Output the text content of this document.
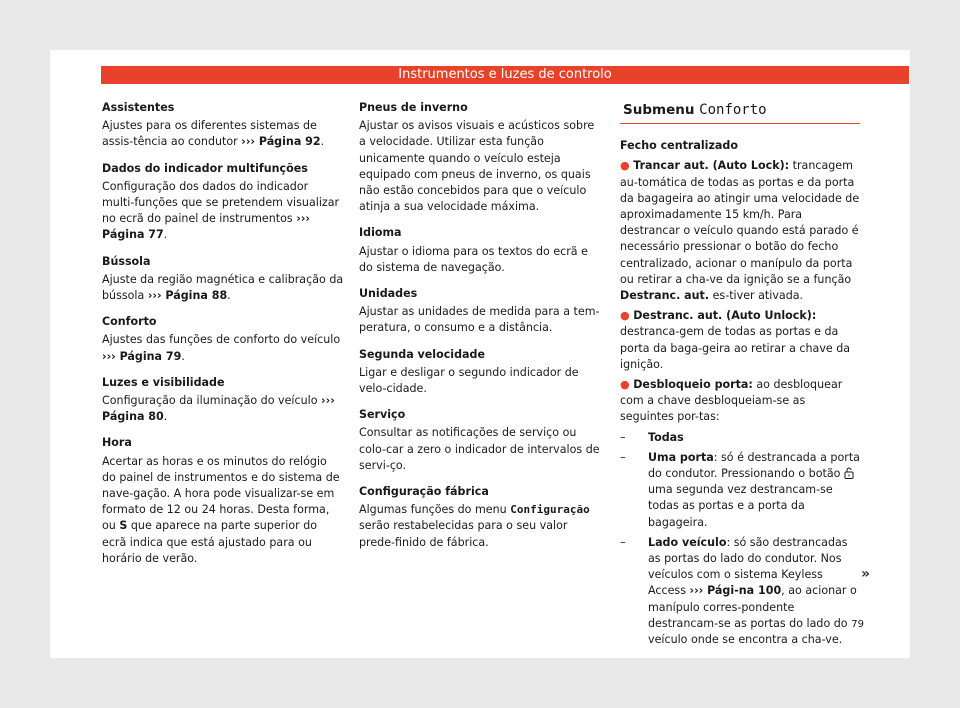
Instrumentos e luzes de controlo
Assistentes
Ajustes para os diferentes sistemas de assis-tência ao condutor ››› Página 92.
Dados do indicador multifunções
Configuração dos dados do indicador multi-funções que se pretendem visualizar no ecrã do painel de instrumentos ››› Página 77.
Bússola
Ajuste da região magnética e calibração da bússola ››› Página 88.
Conforto
Ajustes das funções de conforto do veículo ››› Página 79.
Luzes e visibilidade
Configuração da iluminação do veículo ››› Página 80.
Hora
Acertar as horas e os minutos do relógio do painel de instrumentos e do sistema de nave-gação. A hora pode visualizar-se em formato de 12 ou 24 horas. Desta forma, ou S que aparece na parte superior do ecrã indica que está ajustado para ou horário de verão.
Pneus de inverno
Ajustar os avisos visuais e acústicos sobre a velocidade. Utilizar esta função unicamente quando o veículo esteja equipado com pneus de inverno, os quais não estão concebidos para que o veículo atinja a sua velocidade máxima.
Idioma
Ajustar o idioma para os textos do ecrã e do sistema de navegação.
Unidades
Ajustar as unidades de medida para a tem-peratura, o consumo e a distância.
Segunda velocidade
Ligar e desligar o segundo indicador de velo-cidade.
Serviço
Consultar as notificações de serviço ou colo-car a zero o indicador de intervalos de servi-ço.
Configuração fábrica
Algumas funções do menu Configuração serão restabelecidas para o seu valor prede-finido de fábrica.
Submenu Conforto
Fecho centralizado
● Trancar aut. (Auto Lock): trancagem au-tomática de todas as portas e da porta da bagageira ao atingir uma velocidade de aproximadamente 15 km/h. Para destrancar o veículo quando está parado é necessário pressionar o botão do fecho centralizado, acionar o manípulo da porta ou retirar a cha-ve da ignição se a função Destranc. aut. es-tiver ativada.
● Destranc. aut. (Auto Unlock): destranca-gem de todas as portas e da porta da baga-geira ao retirar a chave da ignição.
● Desbloqueio porta: ao desbloquear com a chave desbloqueiam-se as seguintes por-tas:
– Todas
– Uma porta: só é destrancada a porta do condutor. Pressionando o botão  uma segunda vez destrancam-se todas as portas e a porta da bagageira.
– Lado veículo: só são destrancadas as portas do lado do condutor. Nos veículos com o sistema Keyless Access ››› Pági-na 100, ao acionar o manípulo corres-pondente destrancam-se as portas do lado do veículo onde se encontra a cha-ve.
»
79
